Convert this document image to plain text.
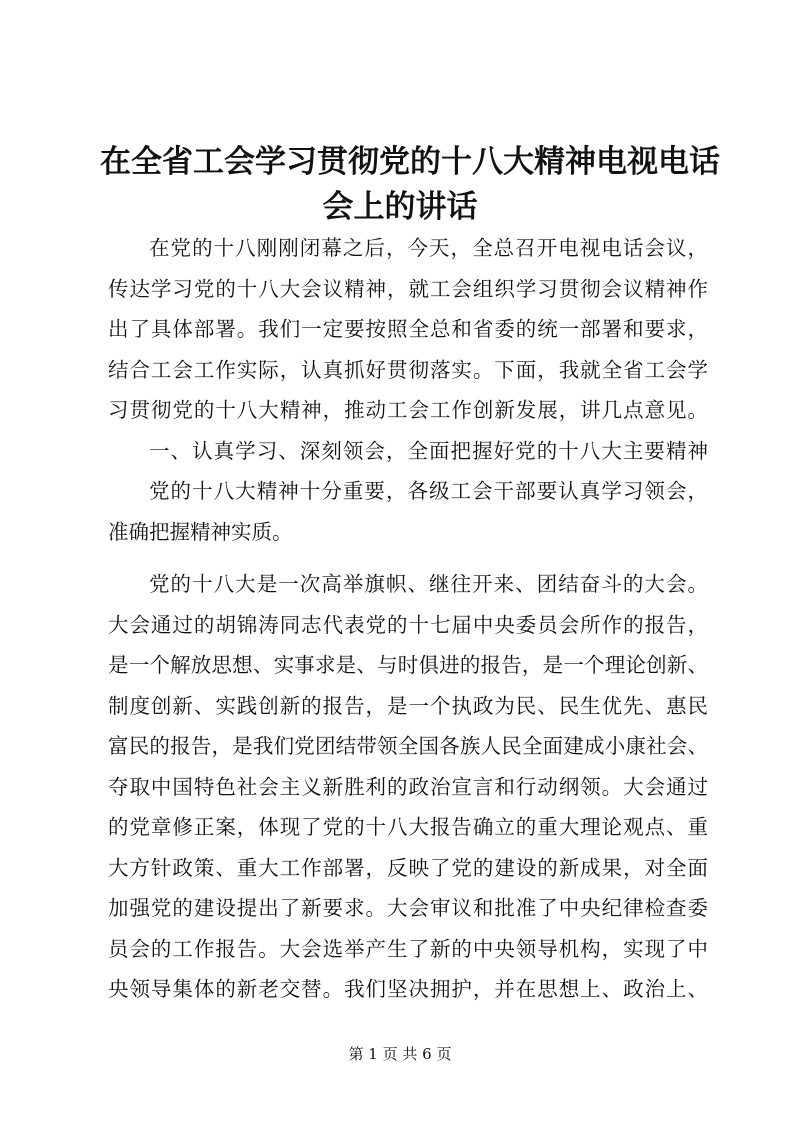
在全省工会学习贯彻党的十八大精神电视电话
会上的讲话
在党的十八刚刚闭幕之后，今天，全总召开电视电话会议，
传达学习党的十八大会议精神，就工会组织学习贯彻会议精神作
出了具体部署。我们一定要按照全总和省委的统一部署和要求，
结合工会工作实际，认真抓好贯彻落实。下面，我就全省工会学
习贯彻党的十八大精神，推动工会工作创新发展，讲几点意见。
一、认真学习、深刻领会，全面把握好党的十八大主要精神
党的十八大精神十分重要，各级工会干部要认真学习领会，
准确把握精神实质。
党的十八大是一次高举旗帜、继往开来、团结奋斗的大会。
大会通过的胡锦涛同志代表党的十七届中央委员会所作的报告，
是一个解放思想、实事求是、与时俱进的报告，是一个理论创新、
制度创新、实践创新的报告，是一个执政为民、民生优先、惠民
富民的报告，是我们党团结带领全国各族人民全面建成小康社会、
夺取中国特色社会主义新胜利的政治宣言和行动纲领。大会通过
的党章修正案，体现了党的十八大报告确立的重大理论观点、重
大方针政策、重大工作部署，反映了党的建设的新成果，对全面
加强党的建设提出了新要求。大会审议和批准了中央纪律检查委
员会的工作报告。大会选举产生了新的中央领导机构，实现了中
央领导集体的新老交替。我们坚决拥护，并在思想上、政治上、
第 1 页 共 6 页
